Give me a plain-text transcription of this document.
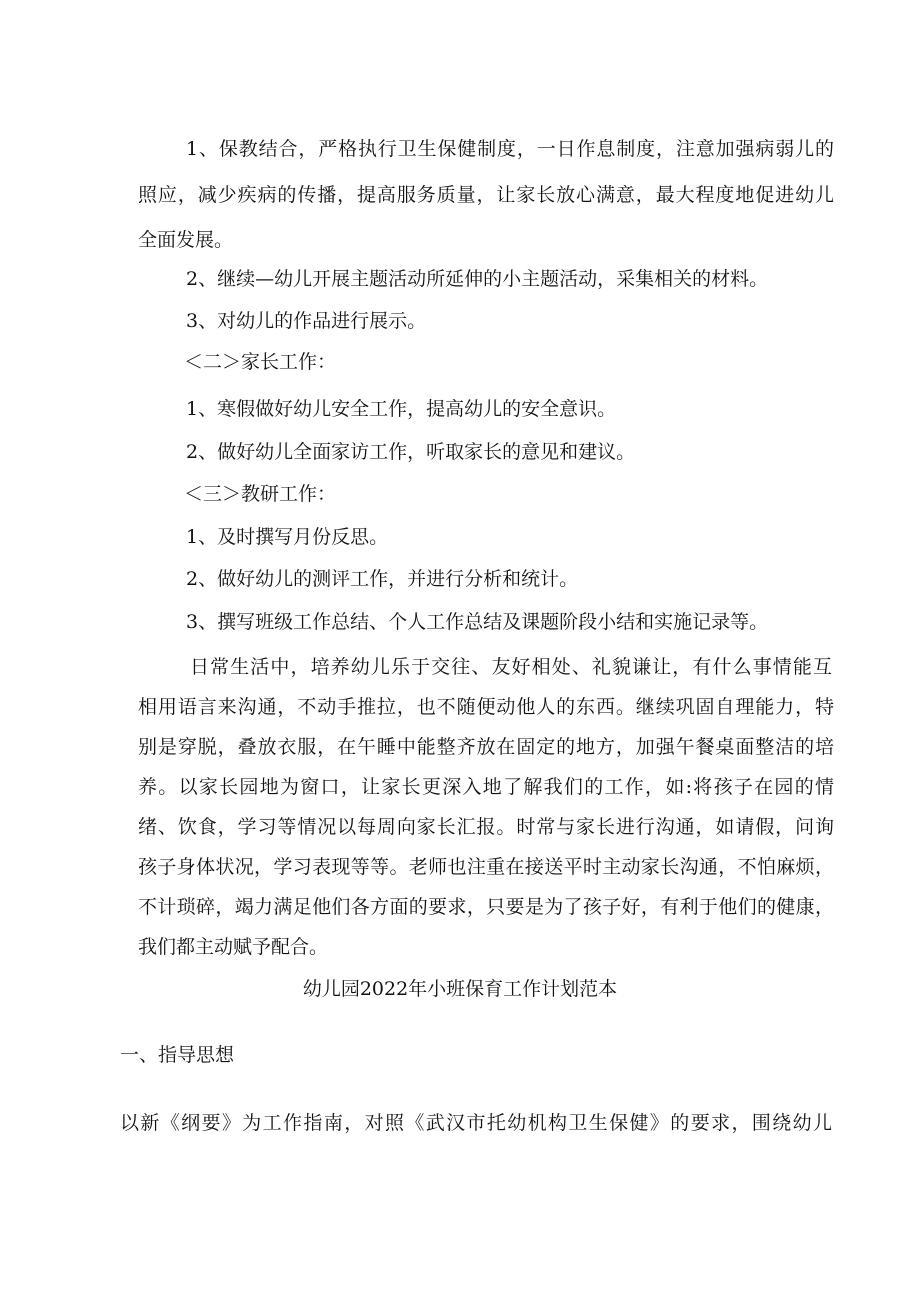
1、保教结合，严格执行卫生保健制度，一日作息制度，注意加强病弱儿的

照应，减少疾病的传播，提高服务质量，让家长放心满意，最大程度地促进幼儿

全面发展。

2、继续—幼儿开展主题活动所延伸的小主题活动，采集相关的材料。

3、对幼儿的作品进行展示。

＜二＞家长工作：

1、寒假做好幼儿安全工作，提高幼儿的安全意识。

2、做好幼儿全面家访工作，听取家长的意见和建议。

＜三＞教研工作：

1、及时撰写月份反思。

2、做好幼儿的测评工作，并进行分析和统计。

3、撰写班级工作总结、个人工作总结及课题阶段小结和实施记录等。

日常生活中，培养幼儿乐于交往、友好相处、礼貌谦让，有什么事情能互

相用语言来沟通，不动手推拉，也不随便动他人的东西。继续巩固自理能力，特

别是穿脱，叠放衣服，在午睡中能整齐放在固定的地方，加强午餐桌面整洁的培

养。以家长园地为窗口，让家长更深入地了解我们的工作，如:将孩子在园的情

绪、饮食，学习等情况以每周向家长汇报。时常与家长进行沟通，如请假，问询

孩子身体状况，学习表现等等。老师也注重在接送平时主动家长沟通，不怕麻烦，

不计琐碎，竭力满足他们各方面的要求，只要是为了孩子好，有利于他们的健康，

我们都主动赋予配合。

幼儿园2022年小班保育工作计划范本

一、指导思想

以新《纲要》为工作指南，对照《武汉市托幼机构卫生保健》的要求，围绕幼儿
